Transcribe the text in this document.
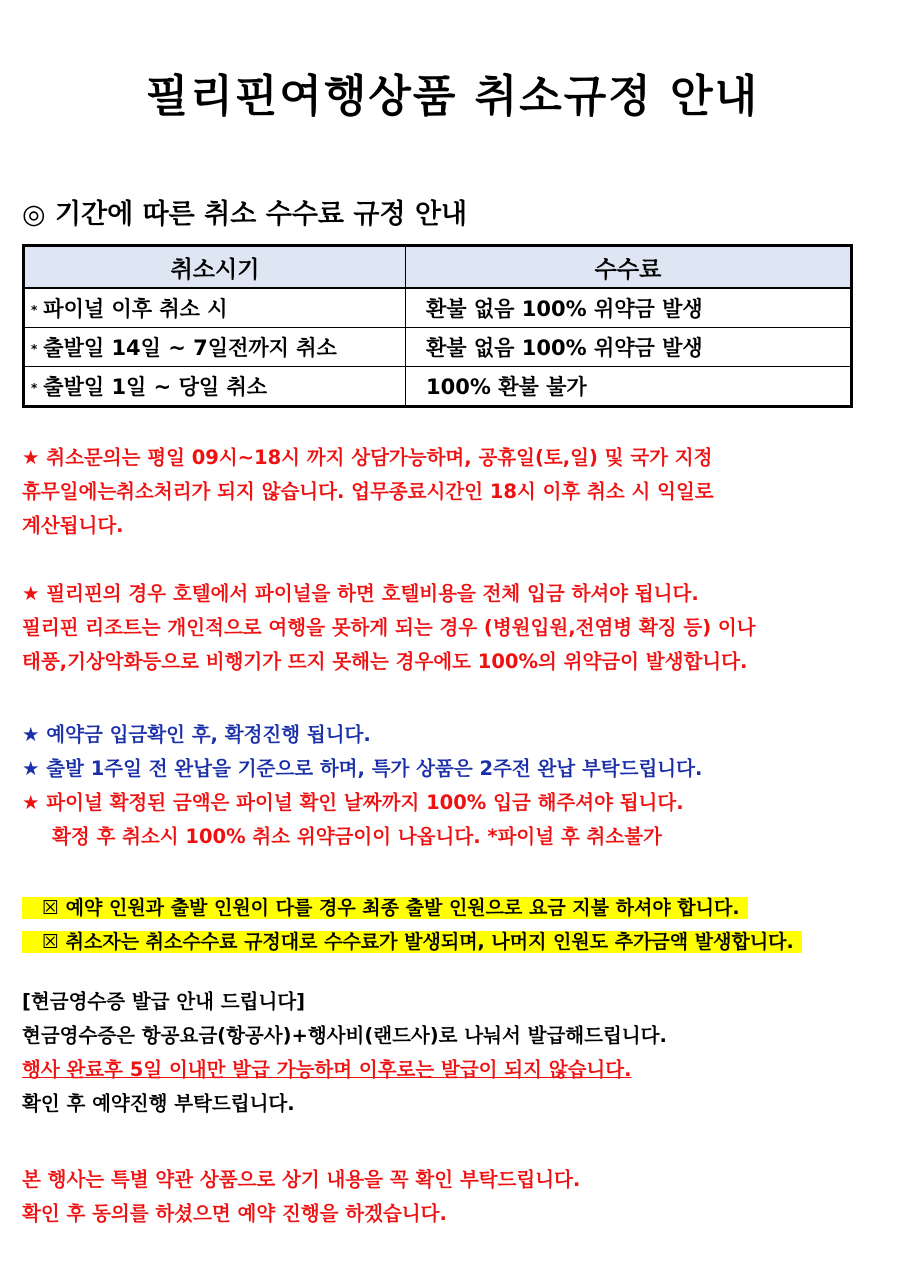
필리핀여행상품 취소규정 안내
◎ 기간에 따른 취소 수수료 규정 안내
취소시기	수수료
* 파이널 이후 취소 시	환불 없음 100% 위약금 발생
* 출발일 14일 ~ 7일전까지 취소	환불 없음 100% 위약금 발생
* 출발일 1일 ~ 당일 취소	100% 환불 불가
★ 취소문의는 평일 09시~18시 까지 상담가능하며, 공휴일(토,일) 및 국가 지정
휴무일에는취소처리가 되지 않습니다. 업무종료시간인 18시 이후 취소 시 익일로
계산됩니다.
★ 필리핀의 경우 호텔에서 파이널을 하면 호텔비용을 전체 입금 하셔야 됩니다.
필리핀 리조트는 개인적으로 여행을 못하게 되는 경우 (병원입원,전염병 확징 등) 이나
태풍,기상악화등으로 비행기가 뜨지 못해는 경우에도 100%의 위약금이 발생합니다.
★ 예약금 입금확인 후, 확정진행 됩니다.
★ 출발 1주일 전 완납을 기준으로 하며, 특가 상품은 2주전 완납 부탁드립니다.
★ 파이널 확정된 금액은 파이널 확인 날짜까지 100% 입금 해주셔야 됩니다.
확정 후 취소시 100% 취소 위약금이이 나옵니다. *파이널 후 취소불가
☒ 예약 인원과 출발 인원이 다를 경우 최종 출발 인원으로 요금 지불 하셔야 합니다.
☒ 취소자는 취소수수료 규정대로 수수료가 발생되며, 나머지 인원도 추가금액 발생합니다.
[현금영수증 발급 안내 드립니다]
현금영수증은 항공요금(항공사)+행사비(랜드사)로 나눠서 발급해드립니다.
행사 완료후 5일 이내만 발급 가능하며 이후로는 발급이 되지 않습니다.
확인 후 예약진행 부탁드립니다.
본 행사는 특별 약관 상품으로 상기 내용을 꼭 확인 부탁드립니다.
확인 후 동의를 하셨으면 예약 진행을 하겠습니다.
